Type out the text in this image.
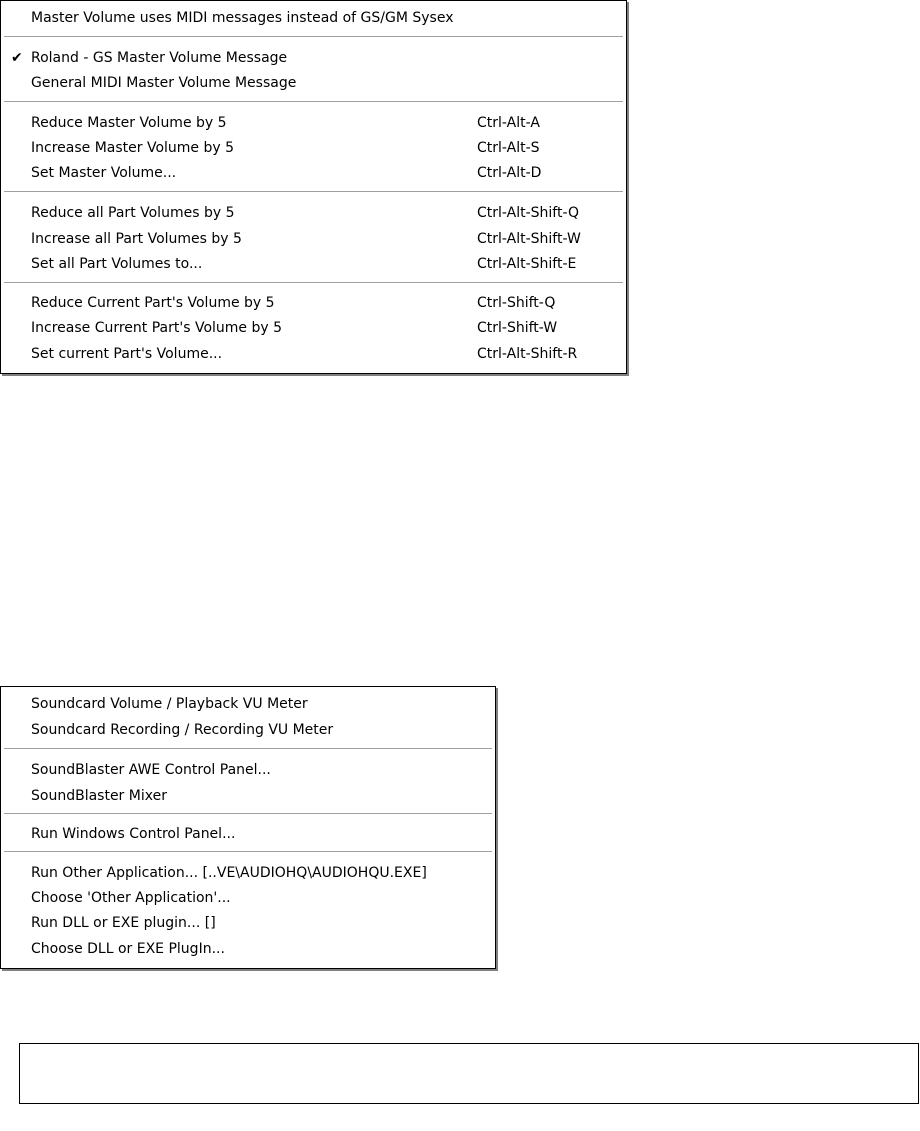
Master Volume uses MIDI messages instead of GS/GM Sysex
✔ Roland - GS Master Volume Message
General MIDI Master Volume Message
Reduce Master Volume by 5	Ctrl-Alt-A
Increase Master Volume by 5	Ctrl-Alt-S
Set Master Volume...	Ctrl-Alt-D
Reduce all Part Volumes by 5	Ctrl-Alt-Shift-Q
Increase all Part Volumes by 5	Ctrl-Alt-Shift-W
Set all Part Volumes to...	Ctrl-Alt-Shift-E
Reduce Current Part's Volume by 5	Ctrl-Shift-Q
Increase Current Part's Volume by 5	Ctrl-Shift-W
Set current Part's Volume...	Ctrl-Alt-Shift-R
Soundcard Volume / Playback VU Meter
Soundcard Recording / Recording VU Meter
SoundBlaster AWE Control Panel...
SoundBlaster Mixer
Run Windows Control Panel...
Run Other Application... [..VE\AUDIOHQ\AUDIOHQU.EXE]
Choose 'Other Application'...
Run DLL or EXE plugin... []
Choose DLL or EXE PlugIn...
